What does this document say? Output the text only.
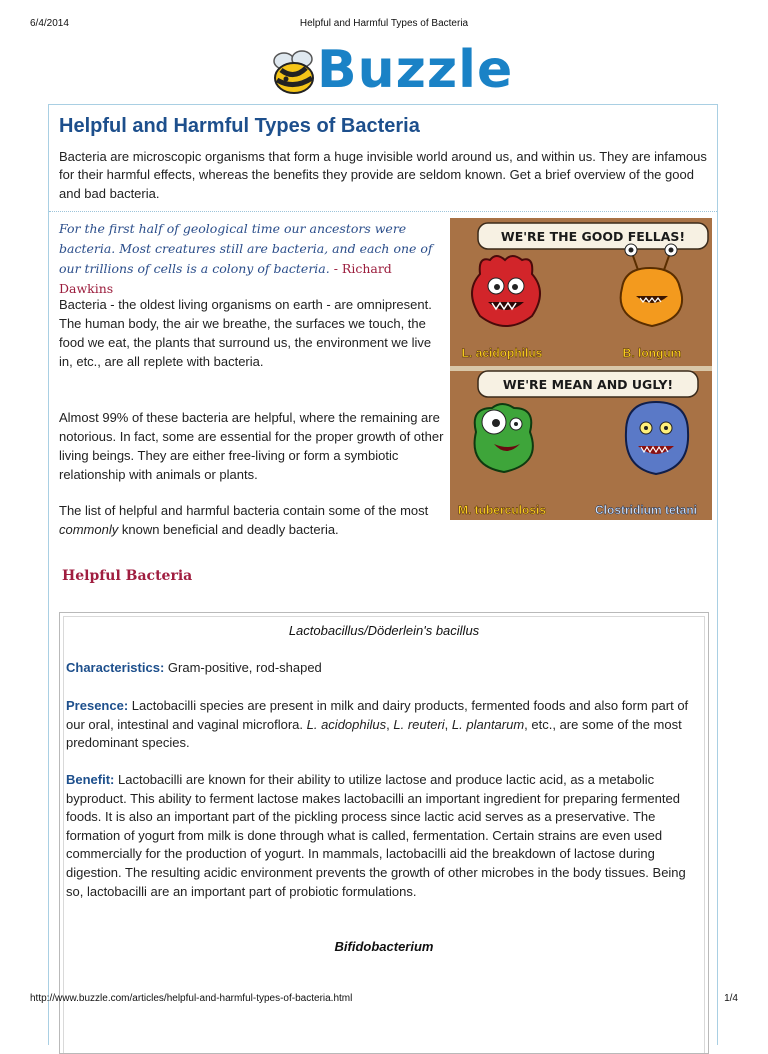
6/4/2014	Helpful and Harmful Types of Bacteria
Buzzle
Helpful and Harmful Types of Bacteria
Bacteria are microscopic organisms that form a huge invisible world around us, and within us. They are infamous for their harmful effects, whereas the benefits they provide are seldom known. Get a brief overview of the good and bad bacteria.
For the first half of geological time our ancestors were bacteria. Most creatures still are bacteria, and each one of our trillions of cells is a colony of bacteria. - Richard Dawkins
Bacteria - the oldest living organisms on earth - are omnipresent. The human body, the air we breathe, the surfaces we touch, the food we eat, the plants that surround us, the environment we live in, etc., are all replete with bacteria.
Almost 99% of these bacteria are helpful, where the remaining are notorious. In fact, some are essential for the proper growth of other living beings. They are either free-living or form a symbiotic relationship with animals or plants.
The list of helpful and harmful bacteria contain some of the most commonly known beneficial and deadly bacteria.
WE'RE THE GOOD FELLAS!
WE'RE MEAN AND UGLY!
L. acidophilus	B. longum
M. tuberculosis	Clostridium tetani
Helpful Bacteria
Lactobacillus/Döderlein's bacillus
Characteristics: Gram-positive, rod-shaped
Presence: Lactobacilli species are present in milk and dairy products, fermented foods and also form part of our oral, intestinal and vaginal microflora. L. acidophilus, L. reuteri, L. plantarum, etc., are some of the most predominant species.
Benefit: Lactobacilli are known for their ability to utilize lactose and produce lactic acid, as a metabolic byproduct. This ability to ferment lactose makes lactobacilli an important ingredient for preparing fermented foods. It is also an important part of the pickling process since lactic acid serves as a preservative. The formation of yogurt from milk is done through what is called, fermentation. Certain strains are even used commercially for the production of yogurt. In mammals, lactobacilli aid the breakdown of lactose during digestion. The resulting acidic environment prevents the growth of other microbes in the body tissues. Being so, lactobacilli are an important part of probiotic formulations.
Bifidobacterium
http://www.buzzle.com/articles/helpful-and-harmful-types-of-bacteria.html	1/4
